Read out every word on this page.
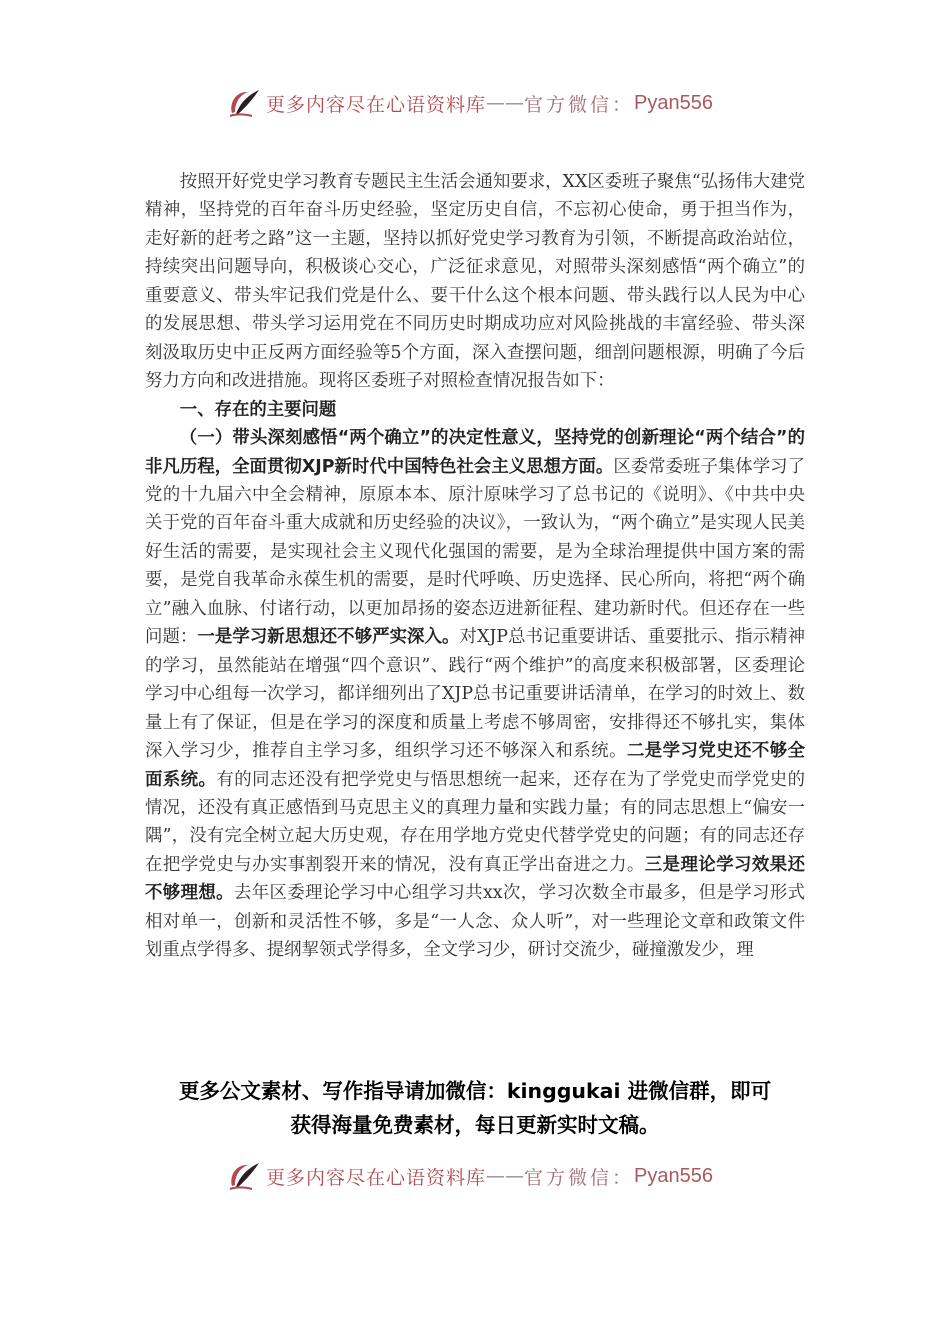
更多内容尽在心语资料库 —— 官方微信： Pyan556

按照开好党史学习教育专题民主生活会通知要求，XX区委班子聚焦“弘扬伟大建党精神，坚持党的百年奋斗历史经验，坚定历史自信，不忘初心使命，勇于担当作为，走好新的赶考之路”这一主题，坚持以抓好党史学习教育为引领，不断提高政治站位，持续突出问题导向，积极谈心交心，广泛征求意见，对照带头深刻感悟“两个确立”的重要意义、带头牢记我们党是什么、要干什么这个根本问题、带头践行以人民为中心的发展思想、带头学习运用党在不同历史时期成功应对风险挑战的丰富经验、带头深刻汲取历史中正反两方面经验等5个方面，深入查摆问题，细剖问题根源，明确了今后努力方向和改进措施。现将区委班子对照检查情况报告如下：

一、存在的主要问题

（一）带头深刻感悟“两个确立”的决定性意义，坚持党的创新理论“两个结合”的非凡历程，全面贯彻XJP新时代中国特色社会主义思想方面。区委常委班子集体学习了党的十九届六中全会精神，原原本本、原汁原味学习了总书记的《说明》、《中共中央关于党的百年奋斗重大成就和历史经验的决议》，一致认为，“两个确立”是实现人民美好生活的需要，是实现社会主义现代化强国的需要，是为全球治理提供中国方案的需要，是党自我革命永葆生机的需要，是时代呼唤、历史选择、民心所向，将把“两个确立”融入血脉、付诸行动，以更加昂扬的姿态迈进新征程、建功新时代。但还存在一些问题：一是学习新思想还不够严实深入。对XJP总书记重要讲话、重要批示、指示精神的学习，虽然能站在增强“四个意识”、践行“两个维护”的高度来积极部署，区委理论学习中心组每一次学习，都详细列出了XJP总书记重要讲话清单，在学习的时效上、数量上有了保证，但是在学习的深度和质量上考虑不够周密，安排得还不够扎实，集体深入学习少，推荐自主学习多，组织学习还不够深入和系统。二是学习党史还不够全面系统。有的同志还没有把学党史与悟思想统一起来，还存在为了学党史而学党史的情况，还没有真正感悟到马克思主义的真理力量和实践力量；有的同志思想上“偏安一隅”，没有完全树立起大历史观，存在用学地方党史代替学党史的问题；有的同志还存在把学党史与办实事割裂开来的情况，没有真正学出奋进之力。三是理论学习效果还不够理想。去年区委理论学习中心组学习共xx次，学习次数全市最多，但是学习形式相对单一，创新和灵活性不够，多是“一人念、众人听”，对一些理论文章和政策文件划重点学得多、提纲挈领式学得多，全文学习少，研讨交流少，碰撞激发少，理

更多公文素材、写作指导请加微信：kinggukai 进微信群，即可
获得海量免费素材，每日更新实时文稿。
更多内容尽在心语资料库 —— 官方微信： Pyan556
